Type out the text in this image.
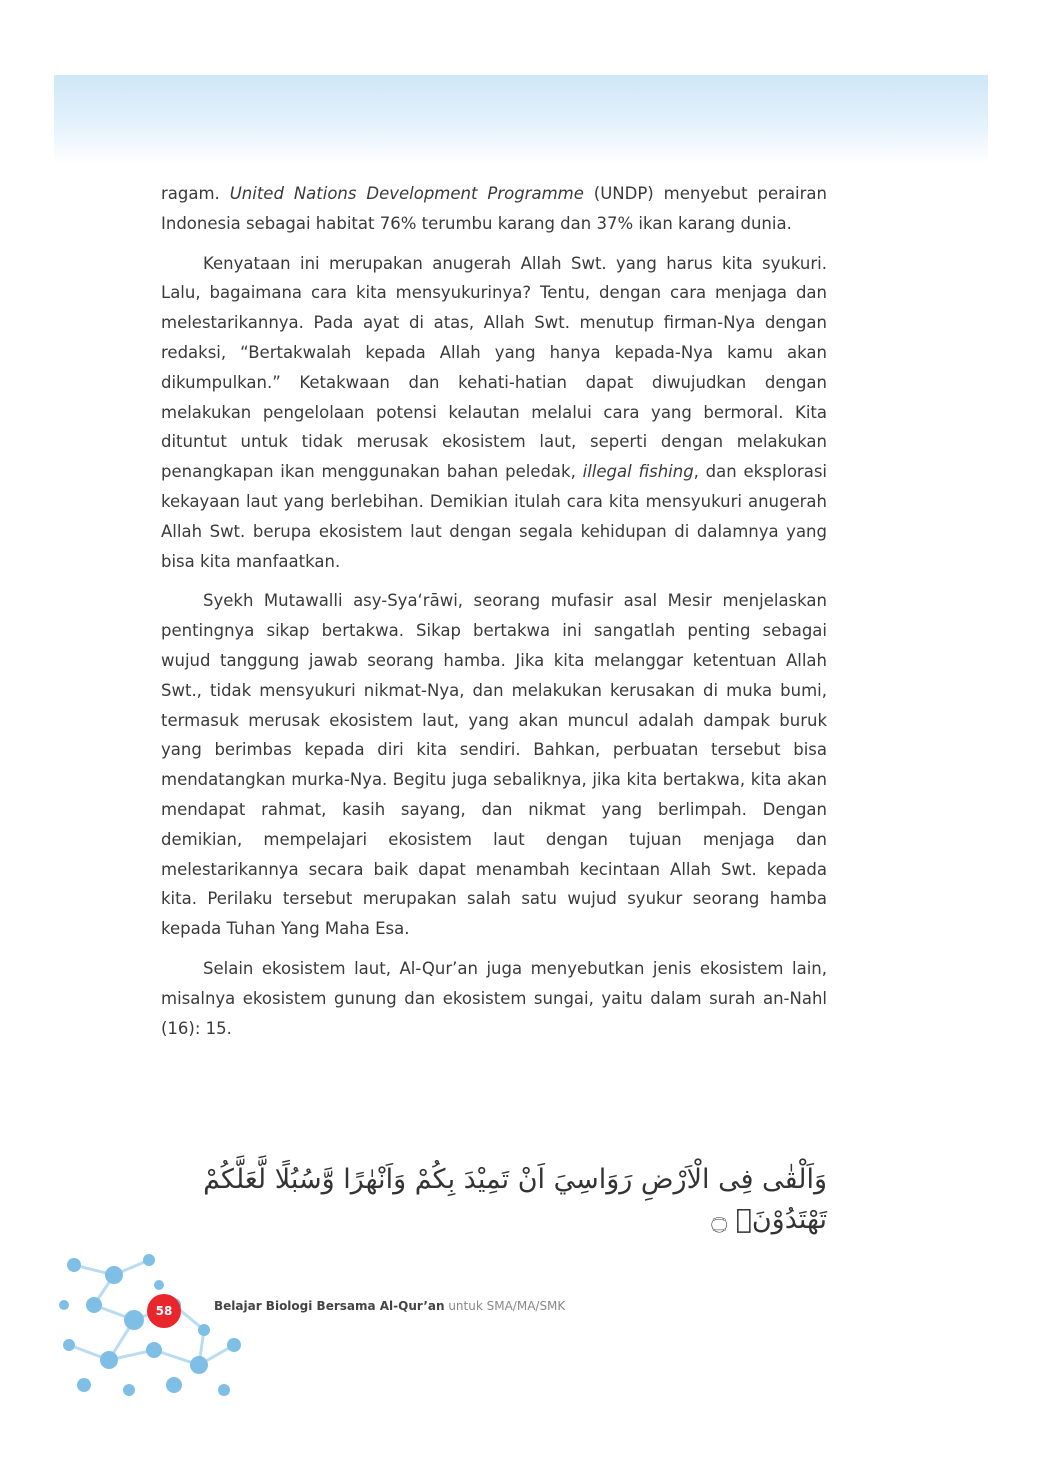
ragam. United Nations Development Programme (UNDP) menyebut perairan Indonesia sebagai habitat 76% terumbu karang dan 37% ikan karang dunia.

Kenyataan ini merupakan anugerah Allah Swt. yang harus kita syukuri. Lalu, bagaimana cara kita mensyukurinya? Tentu, dengan cara menjaga dan melestarikannya. Pada ayat di atas, Allah Swt. menutup firman-Nya dengan redaksi, “Bertakwalah kepada Allah yang hanya kepada-Nya kamu akan dikumpulkan.” Ketakwaan dan kehati-hatian dapat diwujudkan dengan melakukan pengelolaan potensi kelautan melalui cara yang bermoral. Kita dituntut untuk tidak merusak ekosistem laut, seperti dengan melakukan penangkapan ikan menggunakan bahan peledak, illegal fishing, dan eksplorasi kekayaan laut yang berlebihan. Demikian itulah cara kita mensyukuri anugerah Allah Swt. berupa ekosistem laut dengan segala kehidupan di dalamnya yang bisa kita manfaatkan.

Syekh Mutawalli asy-Sya‘rāwi, seorang mufasir asal Mesir menjelaskan pentingnya sikap bertakwa. Sikap bertakwa ini sangatlah penting sebagai wujud tanggung jawab seorang hamba. Jika kita melanggar ketentuan Allah Swt., tidak mensyukuri nikmat-Nya, dan melakukan kerusakan di muka bumi, termasuk merusak ekosistem laut, yang akan muncul adalah dampak buruk yang berimbas kepada diri kita sendiri. Bahkan, perbuatan tersebut bisa mendatangkan murka-Nya. Begitu juga sebaliknya, jika kita bertakwa, kita akan mendapat rahmat, kasih sayang, dan nikmat yang berlimpah. Dengan demikian, mempelajari ekosistem laut dengan tujuan menjaga dan melestarikannya secara baik dapat menambah kecintaan Allah Swt. kepada kita. Perilaku tersebut merupakan salah satu wujud syukur seorang hamba kepada Tuhan Yang Maha Esa.

Selain ekosistem laut, Al-Qur’an juga menyebutkan jenis ekosistem lain, misalnya ekosistem gunung dan ekosistem sungai, yaitu dalam surah an-Nahl (16): 15.

وَاَلْقٰى فِى الْاَرْضِ رَوَاسِيَ اَنْ تَمِيْدَ بِكُمْ وَاَنْهٰرًا وَّسُبُلًا لَّعَلَّكُمْ تَهْتَدُوْنَۙ ۝
58	Belajar Biologi Bersama Al-Qur’an untuk SMA/MA/SMK
